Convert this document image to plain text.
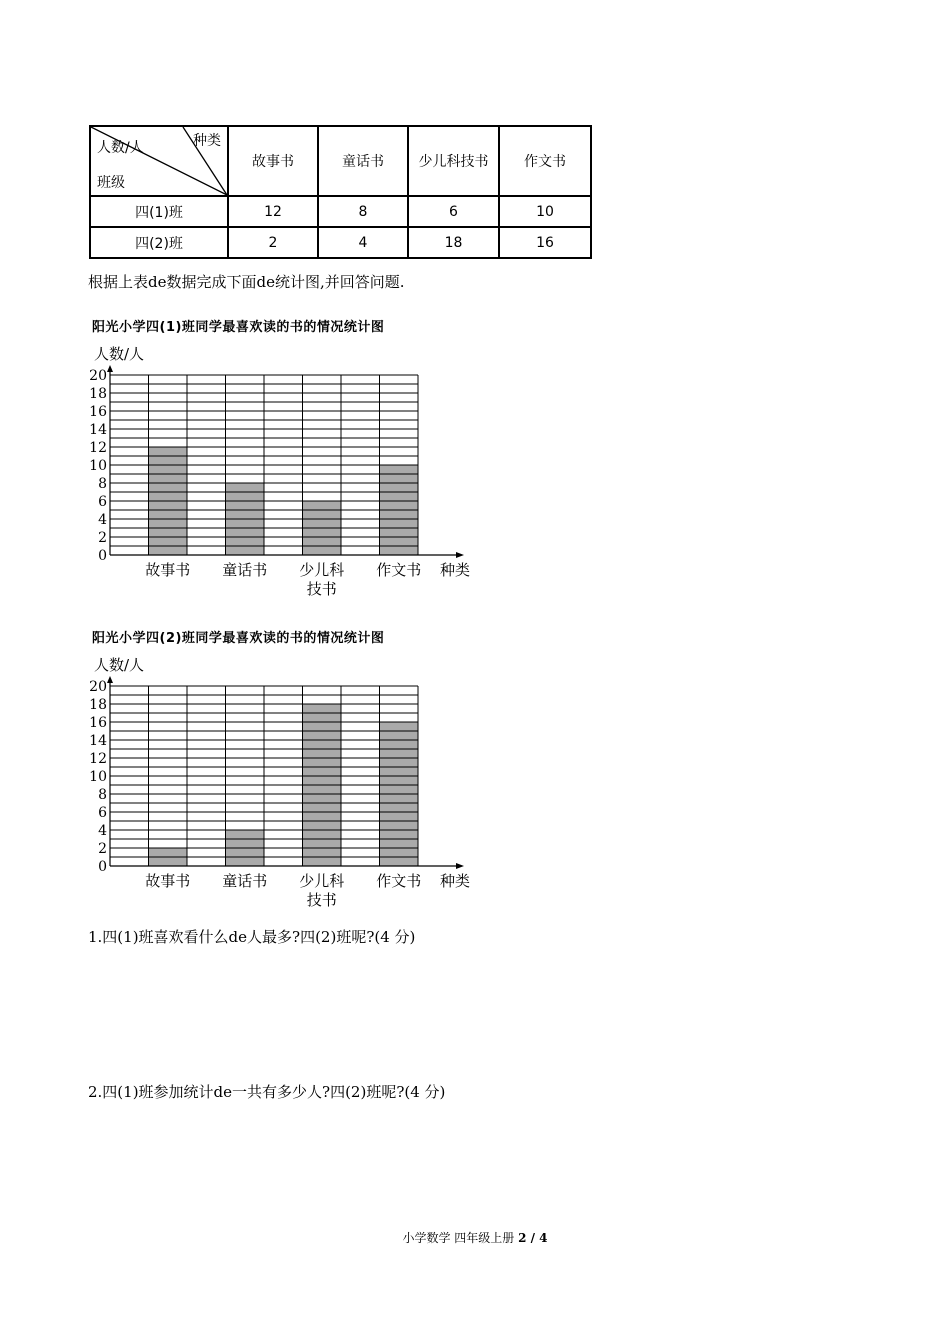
种类
人数/人
班级	故事书	童话书	少儿科技书	作文书
四(1)班	12	8	6	10
四(2)班	2	4	18	16
根据上表de数据完成下面de统计图,并回答问题.
阳光小学四(1)班同学最喜欢读的书的情况统计图
人数/人
0
2
4
6
8
10
12
14
16
18
20
故事书 童话书 少儿科
技书
作文书 种类
阳光小学四(2)班同学最喜欢读的书的情况统计图
人数/人
0
2
4
6
8
10
12
14
16
18
20
故事书 童话书 少儿科
技书
作文书 种类
1.四(1)班喜欢看什么de人最多?四(2)班呢?(4 分)
2.四(1)班参加统计de一共有多少人?四(2)班呢?(4 分)
小学数学 四年级上册 2 / 4
